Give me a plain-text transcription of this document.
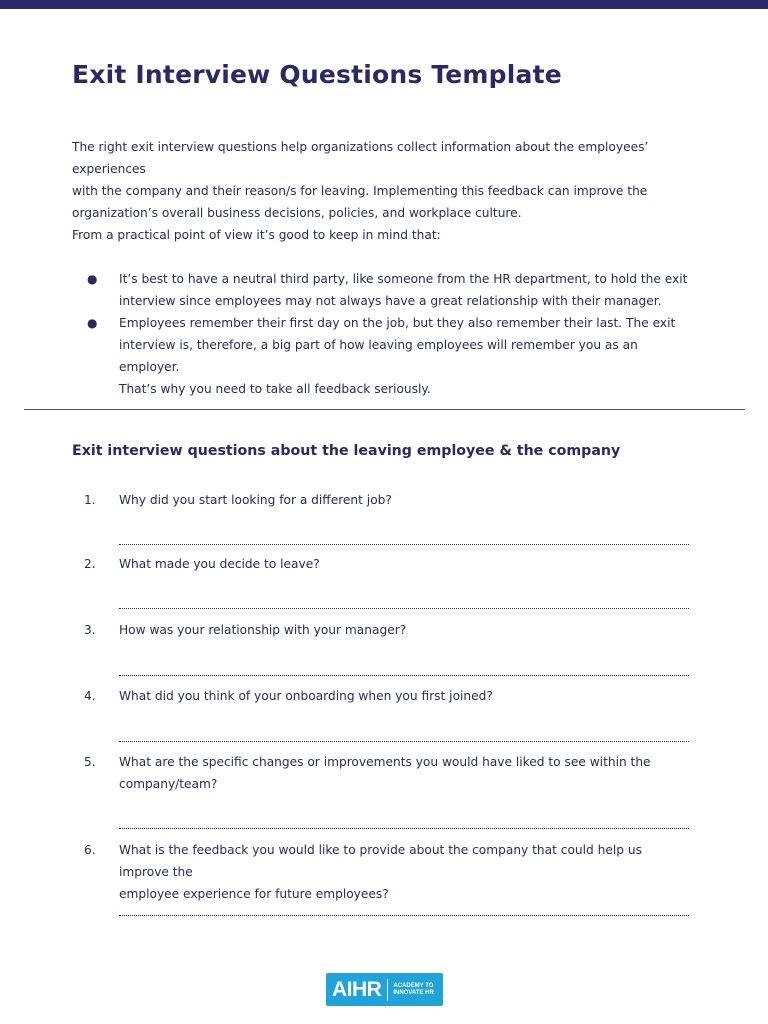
Exit Interview Questions Template
The right exit interview questions help organizations collect information about the employees’ experiences
with the company and their reason/s for leaving. Implementing this feedback can improve the
organization’s overall business decisions, policies, and workplace culture.

From a practical point of view it’s good to keep in mind that:

● It’s best to have a neutral third party, like someone from the HR department, to hold the exit
interview since employees may not always have a great relationship with their manager.
● Employees remember their first day on the job, but they also remember their last. The exit
interview is, therefore, a big part of how leaving employees will remember you as an employer.
That’s why you need to take all feedback seriously.
Exit interview questions about the leaving employee & the company
1. Why did you start looking for a different job?
2. What made you decide to leave?
3. How was your relationship with your manager?
4. What did you think of your onboarding when you first joined?
5. What are the specific changes or improvements you would have liked to see within the
company/team?
6. What is the feedback you would like to provide about the company that could help us improve the
employee experience for future employees?
AIHR ACADEMY TO
INNOVATE HR
